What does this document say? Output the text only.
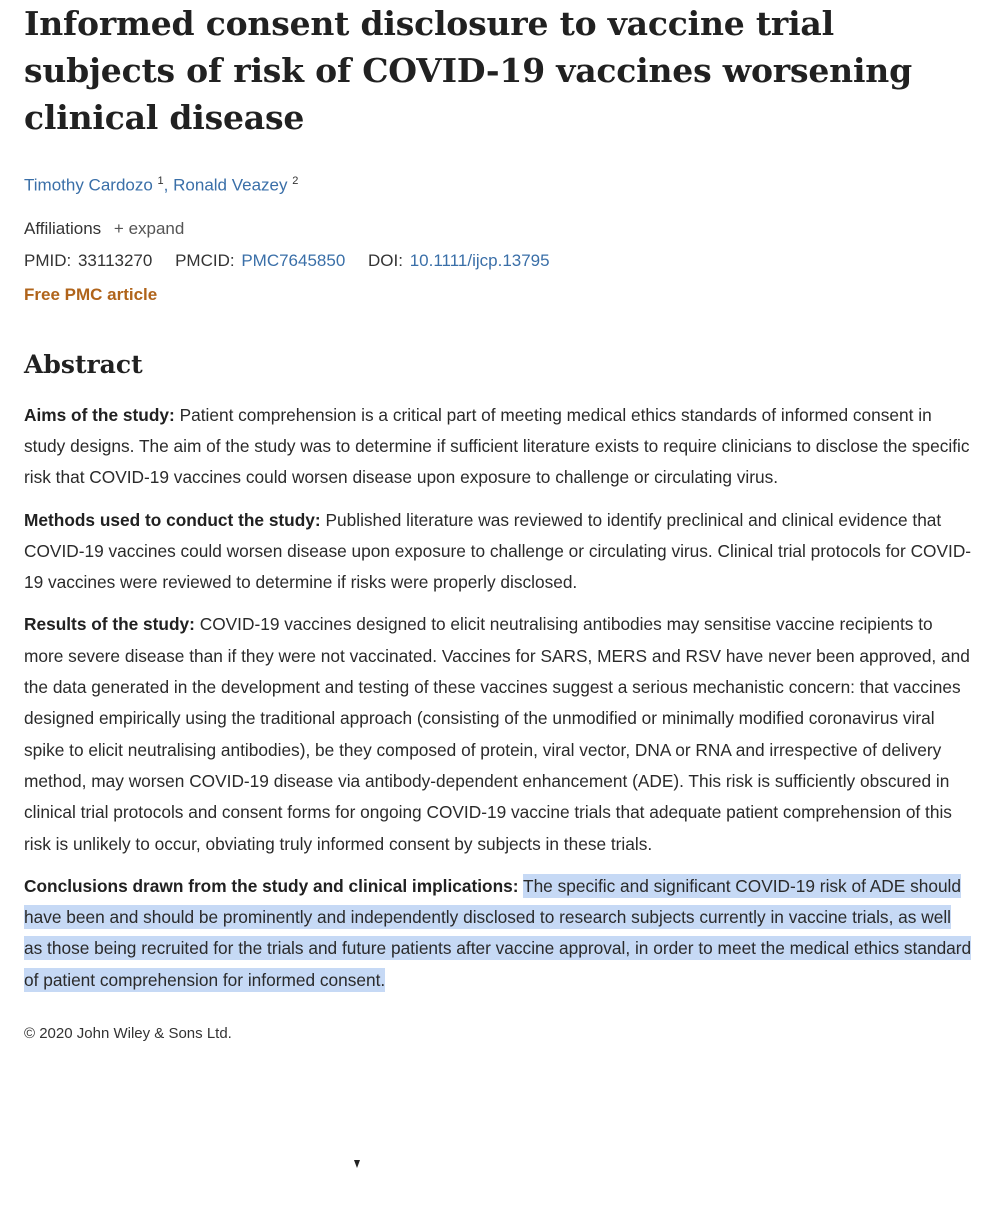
Informed consent disclosure to vaccine trial subjects of risk of COVID-19 vaccines worsening clinical disease
Timothy Cardozo $^1$, Ronald Veazey $^2$
Affiliations + expand
PMID: 33113270 PMCID: PMC7645850 DOI: 10.1111/ijcp.13795
Free PMC article
Abstract

Aims of the study: Patient comprehension is a critical part of meeting medical ethics standards of informed consent in study designs. The aim of the study was to determine if sufficient literature exists to require clinicians to disclose the specific risk that COVID-19 vaccines could worsen disease upon exposure to challenge or circulating virus.

Methods used to conduct the study: Published literature was reviewed to identify preclinical and clinical evidence that COVID-19 vaccines could worsen disease upon exposure to challenge or circulating virus. Clinical trial protocols for COVID-19 vaccines were reviewed to determine if risks were properly disclosed.

Results of the study: COVID-19 vaccines designed to elicit neutralising antibodies may sensitise vaccine recipients to more severe disease than if they were not vaccinated. Vaccines for SARS, MERS and RSV have never been approved, and the data generated in the development and testing of these vaccines suggest a serious mechanistic concern: that vaccines designed empirically using the traditional approach (consisting of the unmodified or minimally modified coronavirus viral spike to elicit neutralising antibodies), be they composed of protein, viral vector, DNA or RNA and irrespective of delivery method, may worsen COVID-19 disease via antibody-dependent enhancement (ADE). This risk is sufficiently obscured in clinical trial protocols and consent forms for ongoing COVID-19 vaccine trials that adequate patient comprehension of this risk is unlikely to occur, obviating truly informed consent by subjects in these trials.

Conclusions drawn from the study and clinical implications: The specific and significant COVID-19 risk of ADE should have been and should be prominently and independently disclosed to research subjects currently in vaccine trials, as well as those being recruited for the trials and future patients after vaccine approval, in order to meet the medical ethics standard of patient comprehension for informed consent.

© 2020 John Wiley & Sons Ltd.
